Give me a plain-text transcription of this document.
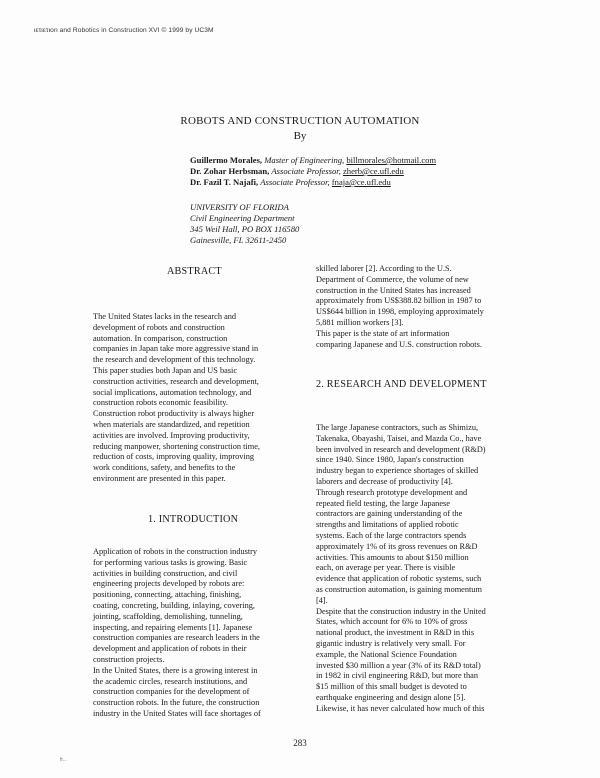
ιετιετιon and Robotics in Construction XVI © 1999 by UC3M
ROBOTS AND CONSTRUCTION AUTOMATION
By
Guillermo Morales, Master of Engineering, billmorales@hotmail.com
Dr. Zohar Herbsman, Associate Professor, zherb@ce.ufl.edu
Dr. Fazil T. Najafi, Associate Professor, fnaja@ce.ufl.edu
UNIVERSITY OF FLORIDA
Civil Engineering Department
345 Weil Hall, PO BOX 116580
Gainesville, FL 32611-2450
ABSTRACT

The United States lacks in the research and

development of robots and construction

automation. In comparison, construction

companies in Japan take more aggressive stand in

the research and development of this technology.

This paper studies both Japan and US basic

construction activities, research and development,

social implications, automation technology, and

construction robots economic feasibility.

Construction robot productivity is always higher

when materials are standardized, and repetition

activities are involved. Improving productivity,

reducing manpower, shortening construction time,

reduction of costs, improving quality, improving

work conditions, safety, and benefits to the

environment are presented in this paper.

1. INTRODUCTION

Application of robots in the construction industry

for performing various tasks is growing. Basic

activities in building construction, and civil

engineering projects developed by robots are:

positioning, connecting, attaching, finishing,

coating, concreting, building, inlaying, covering,

jointing, scaffolding, demolishing, tunneling,

inspecting, and repairing elements [1]. Japanese

construction companies are research leaders in the

development and application of robots in their

construction projects.

In the United States, there is a growing interest in

the academic circles, research institutions, and

construction companies for the development of

construction robots. In the future, the construction

industry in the United States will face shortages of

skilled laborer [2]. According to the U.S.

Department of Commerce, the volume of new

construction in the United States has increased

approximately from US$388.82 billion in 1987 to

US$644 billion in 1998, employing approximately

5,881 million workers [3].

This paper is the state of art information

comparing Japanese and U.S. construction robots.

2. RESEARCH AND DEVELOPMENT

The large Japanese contractors, such as Shimizu,

Takenaka, Obayashi, Taisei, and Mazda Co., have

been involved in research and development (R&D)

since 1940. Since 1980, Japan's construction

industry began to experience shortages of skilled

laborers and decrease of productivity [4].

Through research prototype development and

repeated field testing, the large Japanese

contractors are gaining understanding of the

strengths and limitations of applied robotic

systems. Each of the large contractors spends

approximately 1% of its gross revenues on R&D

activities. This amounts to about $150 million

each, on average per year. There is visible

evidence that application of robotic systems, such

as construction automation, is gaining momentum

[4].

Despite that the construction industry in the United

States, which account for 6% to 10% of gross

national product, the investment in R&D in this

gigantic industry is relatively very small. For

example, the National Science Foundation

invested $30 million a year (3% of its R&D total)

in 1982 in civil engineering R&D, but more than

$15 million of this small budget is devoted to

earthquake engineering and design alone [5].

Likewise, it has never calculated how much of this

283
fr...
